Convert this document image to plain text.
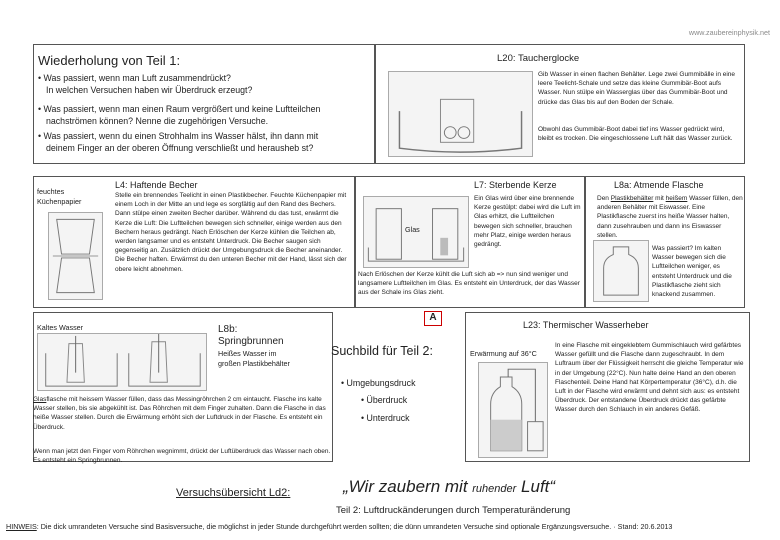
www.zaubereinphysik.net
Wiederholung von Teil 1:
• Was passiert, wenn man Luft zusammendrückt?
In welchen Versuchen haben wir Überdruck erzeugt?
• Was passiert, wenn man einen Raum vergrößert und keine Luftteilchen
nachströmen können? Nenne die zugehörigen Versuche.
• Was passiert, wenn du einen Strohhalm ins Wasser hälst, ihn dann mit
deinem Finger an der oberen Öffnung verschließt und herausheb st?
L20: Taucherglocke
Gib Wasser in einen flachen Behälter. Lege zwei Gummibälle in eine leere Teelicht-Schale und setze das kleine Gummibär-Boot aufs Wasser. Nun stülpe ein Wasserglas über das Gummibär-Boot und drücke das Glas bis auf den Boden der Schale.
Obwohl das Gummibär-Boot dabei tief ins Wasser gedrückt wird, bleibt es trocken. Die eingeschlossene Luft hält das Wasser zurück.
feuchtes
Küchenpapier
L4: Haftende Becher
Stelle ein brennendes Teelicht in einen Plastikbecher. Feuchte Küchenpapier mit einem Loch in der Mitte an und lege es sorgfältig auf den Rand des Bechers. Dann stülpe einen zweiten Becher darüber. Während du das tust, erwärmt die Kerze die Luft: Die Luftteilchen bewegen sich schneller, einige werden aus den Bechern heraus gedrängt. Nach Erlöschen der Kerze kühlen die Teilchen ab, werden langsamer und es entsteht Unterdruck. Die Becher saugen sich gegenseitig an. Zusätzlich drückt der Umgebungsdruck die Becher aneinander. Die Becher haften. Erwärmst du den unteren Becher mit der Hand, lässt sich der obere leicht abnehmen.
L7: Sterbende Kerze
Glas
Ein Glas wird über eine brennende Kerze gestülpt: dabei wird die Luft im Glas erhitzt, die Luftteilchen bewegen sich schneller, brauchen mehr Platz, einige werden heraus gedrängt.
Nach Erlöschen der Kerze kühlt die Luft sich ab => nun sind weniger und langsamere Luftteilchen im Glas. Es entsteht ein Unterdruck, der das Wasser aus der Schale ins Glas zieht.
L8a: Atmende Flasche
Den Plastikbehälter mit heißem Wasser füllen, den anderen Behälter mit Eiswasser. Eine Plastikflasche zuerst ins heiße Wasser halten, dann zusehrauben und dann ins Eiswasser stellen.
Was passiert? Im kalten Wasser bewegen sich die Luftteilchen weniger, es entsteht Unterdruck und die Plastikflasche zieht sich knackend zusammen.
Kaltes Wasser	L8b:
Springbrunnen
Heißes Wasser im
großen Plastikbehälter
Glasflasche mit heissem Wasser füllen, dass das Messingröhrchen 2 cm eintaucht. Flasche ins kalte Wasser stellen, bis sie abgekühlt ist. Das Röhrchen mit dem Finger zuhalten. Dann die Flasche in das heiße Wasser stellen. Durch die Erwärmung erhöht sich der Luftdruck in der Flasche. Es entsteht ein Überdruck.
Wenn man jetzt den Finger vom Röhrchen wegnimmt, drückt der Luftüberdruck das Wasser nach oben. Es entsteht ein Springbrunnen.
A
Suchbild für Teil 2:
• Umgebungsdruck
• Überdruck
• Unterdruck
L23: Thermischer Wasserheber
Erwärmung auf 36°C
In eine Flasche mit eingeklebtem Gummischlauch wird gefärbtes Wasser gefüllt und die Flasche dann zugeschraubt. In dem Luftraum über der Flüssigkeit herrscht die gleiche Temperatur wie in der Umgebung (22°C). Nun halte deine Hand an den oberen Flaschenteil. Deine Hand hat Körpertemperatur (36°C), d.h. die Luft in der Flasche wird erwärmt und dehnt sich aus: es entsteht Überdruck. Der entstandene Überdruck drückt das gefärbte Wasser durch den Schlauch in ein anderes Gefäß.
Versuchsübersicht Ld2:	„Wir zaubern mit ruhender Luft“
Teil 2: Luftdruckänderungen durch Temperaturänderung
HINWEIS: Die dick umrandeten Versuche sind Basisversuche, die möglichst in jeder Stunde durchgeführt werden sollten; die dünn umrandeten Versuche sind optionale Ergänzungsversuche. · Stand: 20.6.2013
